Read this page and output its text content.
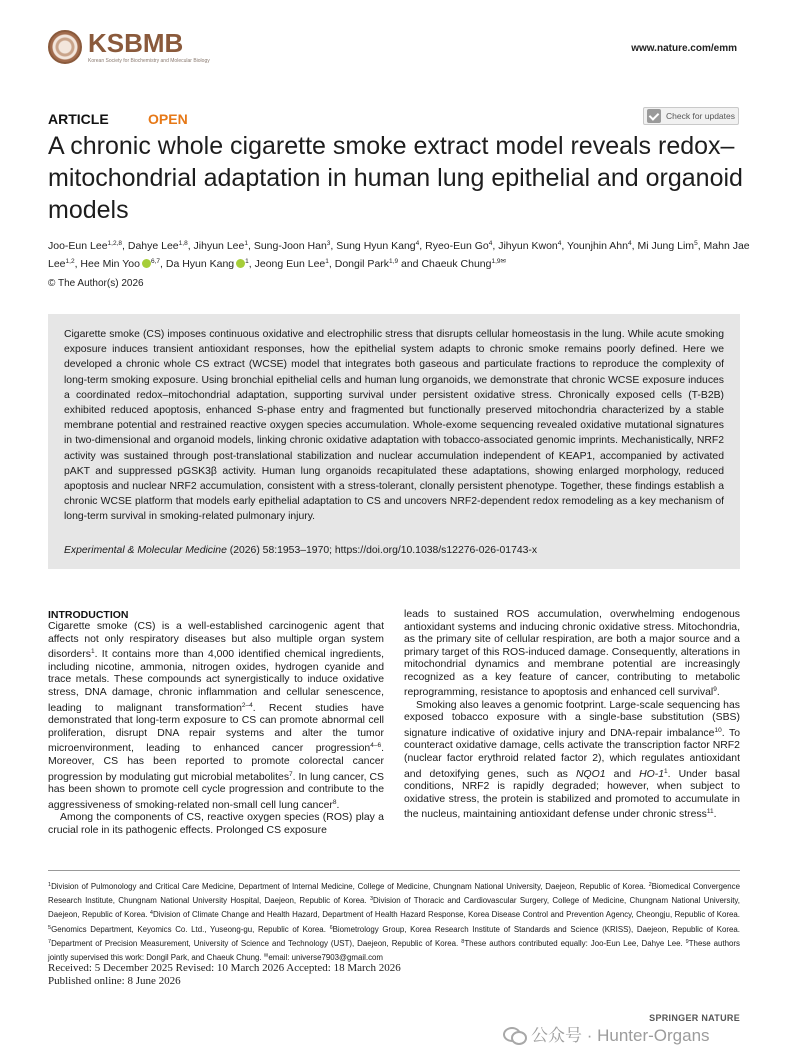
KSBMB
Korean Society for Biochemistry and Molecular Biology
www.nature.com/emm
ARTICLE	OPEN	Check for updates
A chronic whole cigarette smoke extract model reveals redox–mitochondrial adaptation in human lung epithelial and organoid models
Joo-Eun Lee$^{1,2,8}$, Dahye Lee$^{1,8}$, Jihyun Lee$^1$, Sung-Joon Han$^3$, Sung Hyun Kang$^4$, Ryeo-Eun Go$^4$, Jihyun Kwon$^4$, Younjhin Ahn$^4$, Mi Jung Lim$^5$, Mahn Jae Lee$^{1,2}$, Hee Min Yoo $^{6,7}$, Da Hyun Kang $^1$, Jeong Eun Lee$^1$, Dongil Park$^{1,9}$ and Chaeuk Chung$^{1,9✉}$
© The Author(s) 2026

Cigarette smoke (CS) imposes continuous oxidative and electrophilic stress that disrupts cellular homeostasis in the lung. While acute smoking exposure induces transient antioxidant responses, how the epithelial system adapts to chronic smoke remains poorly defined. Here we developed a chronic whole CS extract (WCSE) model that integrates both gaseous and particulate fractions to reproduce the complexity of long-term smoking exposure. Using bronchial epithelial cells and human lung organoids, we demonstrate that chronic WCSE exposure induces a coordinated redox–mitochondrial adaptation, supporting survival under persistent oxidative stress. Chronically exposed cells (T-B2B) exhibited reduced apoptosis, enhanced S-phase entry and fragmented but functionally preserved mitochondria characterized by a stable membrane potential and restrained reactive oxygen species accumulation. Whole-exome sequencing revealed oxidative mutational signatures in two-dimensional and organoid models, linking chronic oxidative adaptation with tobacco-associated genomic imprints. Mechanistically, NRF2 activity was sustained through post-translational stabilization and nuclear accumulation independent of KEAP1, accompanied by activated pAKT and suppressed pGSK3β activity. Human lung organoids recapitulated these adaptations, showing enlarged morphology, reduced apoptosis and nuclear NRF2 accumulation, consistent with a stress-tolerant, clonally persistent phenotype. Together, these findings establish a chronic WCSE platform that models early epithelial adaptation to CS and uncovers NRF2-dependent redox remodeling as a key mechanism of long-term survival in smoking-related pulmonary injury.

Experimental & Molecular Medicine (2026) 58:1953–1970; https://doi.org/10.1038/s12276-026-01743-x
INTRODUCTION

Cigarette smoke (CS) is a well-established carcinogenic agent that affects not only respiratory diseases but also multiple organ system disorders$^1$. It contains more than 4,000 identified chemical ingredients, including nicotine, ammonia, nitrogen oxides, hydrogen cyanide and trace metals. These compounds act synergistically to induce oxidative stress, DNA damage, chronic inflammation and cellular senescence, leading to malignant transformation$^{2-4}$. Recent studies have demonstrated that long-term exposure to CS can promote abnormal cell proliferation, disrupt DNA repair systems and alter the tumor microenvironment, leading to enhanced cancer progression$^{4-6}$. Moreover, CS has been reported to promote colorectal cancer progression by modulating gut microbial metabolites$^7$. In lung cancer, CS has been shown to promote cell cycle progression and contribute to the aggressiveness of smoking-related non-small cell lung cancer$^8$.

Among the components of CS, reactive oxygen species (ROS) play a crucial role in its pathogenic effects. Prolonged CS exposure

leads to sustained ROS accumulation, overwhelming endogenous antioxidant systems and inducing chronic oxidative stress. Mitochondria, as the primary site of cellular respiration, are both a major source and a primary target of this ROS-induced damage. Consequently, alterations in mitochondrial dynamics and membrane potential are increasingly recognized as a key feature of cancer, contributing to metabolic reprogramming, resistance to apoptosis and enhanced cell survival$^9$.

Smoking also leaves a genomic footprint. Large-scale sequencing has exposed tobacco exposure with a single-base substitution (SBS) signature indicative of oxidative injury and DNA-repair imbalance$^{10}$. To counteract oxidative damage, cells activate the transcription factor NRF2 (nuclear factor erythroid related factor 2), which regulates antioxidant and detoxifying genes, such as NQO1 and HO-1$^1$. Under basal conditions, NRF2 is rapidly degraded; however, when subject to oxidative stress, the protein is stabilized and promoted to accumulate in the nucleus, maintaining antioxidant defense under chronic stress$^{11}$.

$^1$Division of Pulmonology and Critical Care Medicine, Department of Internal Medicine, College of Medicine, Chungnam National University, Daejeon, Republic of Korea. $^2$Biomedical Convergence Research Institute, Chungnam National University Hospital, Daejeon, Republic of Korea. $^3$Division of Thoracic and Cardiovascular Surgery, College of Medicine, Chungnam National University, Daejeon, Republic of Korea. $^4$Division of Climate Change and Health Hazard, Department of Health Hazard Response, Korea Disease Control and Prevention Agency, Cheongju, Republic of Korea. $^5$Genomics Department, Keyomics Co. Ltd., Yuseong-gu, Republic of Korea. $^6$Biometrology Group, Korea Research Institute of Standards and Science (KRISS), Daejeon, Republic of Korea. $^7$Department of Precision Measurement, University of Science and Technology (UST), Daejeon, Republic of Korea. $^8$These authors contributed equally: Joo-Eun Lee, Dahye Lee. $^9$These authors jointly supervised this work: Dongil Park, and Chaeuk Chung. ✉email: universe7903@gmail.com
Received: 5 December 2025 Revised: 10 March 2026 Accepted: 18 March 2026
Published online: 8 June 2026
SPRINGER NATURE
公众号 · Hunter-Organs
